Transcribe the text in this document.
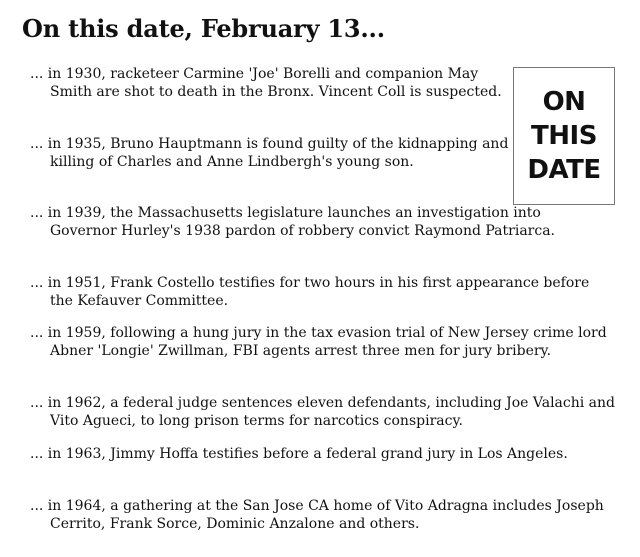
On this date, February 13...
ON
THIS
DATE
... in 1930, racketeer Carmine 'Joe' Borelli and companion May Smith are shot to death in the Bronx. Vincent Coll is suspected.
... in 1935, Bruno Hauptmann is found guilty of the kidnapping and killing of Charles and Anne Lindbergh's young son.
... in 1939, the Massachusetts legislature launches an investigation into Governor Hurley's 1938 pardon of robbery convict Raymond Patriarca.
... in 1951, Frank Costello testifies for two hours in his first appearance before the Kefauver Committee.
... in 1959, following a hung jury in the tax evasion trial of New Jersey crime lord Abner 'Longie' Zwillman, FBI agents arrest three men for jury bribery.
... in 1962, a federal judge sentences eleven defendants, including Joe Valachi and Vito Agueci, to long prison terms for narcotics conspiracy.
... in 1963, Jimmy Hoffa testifies before a federal grand jury in Los Angeles.
... in 1964, a gathering at the San Jose CA home of Vito Adragna includes Joseph Cerrito, Frank Sorce, Dominic Anzalone and others.
